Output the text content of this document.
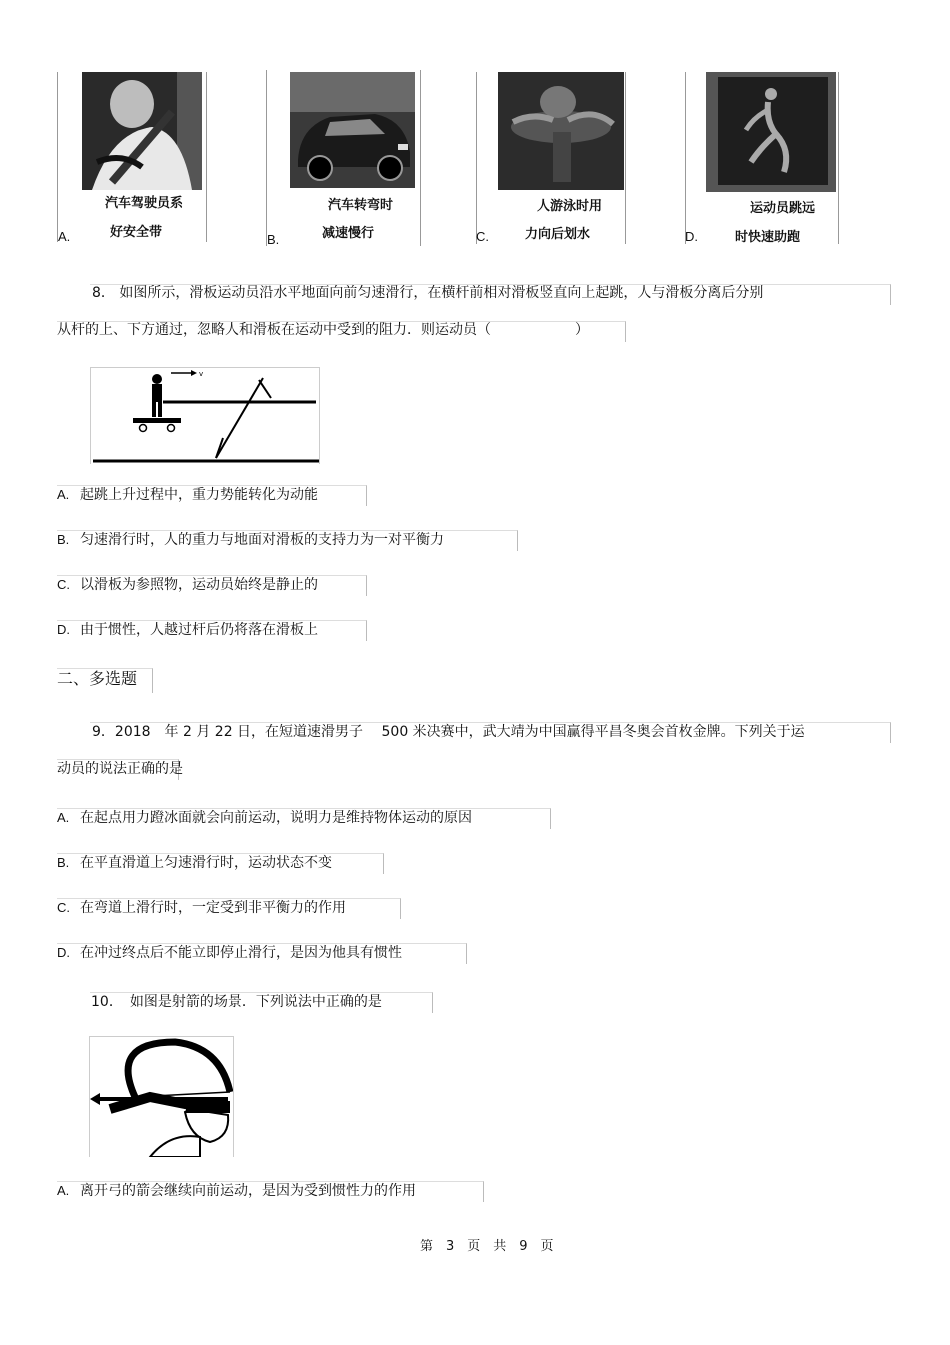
A.
汽车驾驶员系
好安全带	B.
汽车转弯时
减速慢行	C.
人游泳时用
力向后划水	D.
运动员跳远
时快速助跑
8． 如图所示，滑板运动员沿水平地面向前匀速滑行，在横杆前相对滑板竖直向上起跳，人与滑板分离后分别
从杆的上、下方通过，忽略人和滑板在运动中受到的阻力．则运动员（　　　　　　）
v
A. 起跳上升过程中，重力势能转化为动能
B. 匀速滑行时，人的重力与地面对滑板的支持力为一对平衡力
C. 以滑板为参照物，运动员始终是静止的
D. 由于惯性，人越过杆后仍将落在滑板上
二、多选题
9．2018　年 2 月 22 日，在短道速滑男子　 500 米决赛中，武大靖为中国赢得平昌冬奥会首枚金牌。下列关于运
动员的说法正确的是
A. 在起点用力蹬冰面就会向前运动，说明力是维持物体运动的原因
B. 在平直滑道上匀速滑行时，运动状态不变
C. 在弯道上滑行时，一定受到非平衡力的作用
D. 在冲过终点后不能立即停止滑行，是因为他具有惯性
10．　如图是射箭的场景．下列说法中正确的是
A. 离开弓的箭会继续向前运动，是因为受到惯性力的作用
第　3　页　共　9　页
